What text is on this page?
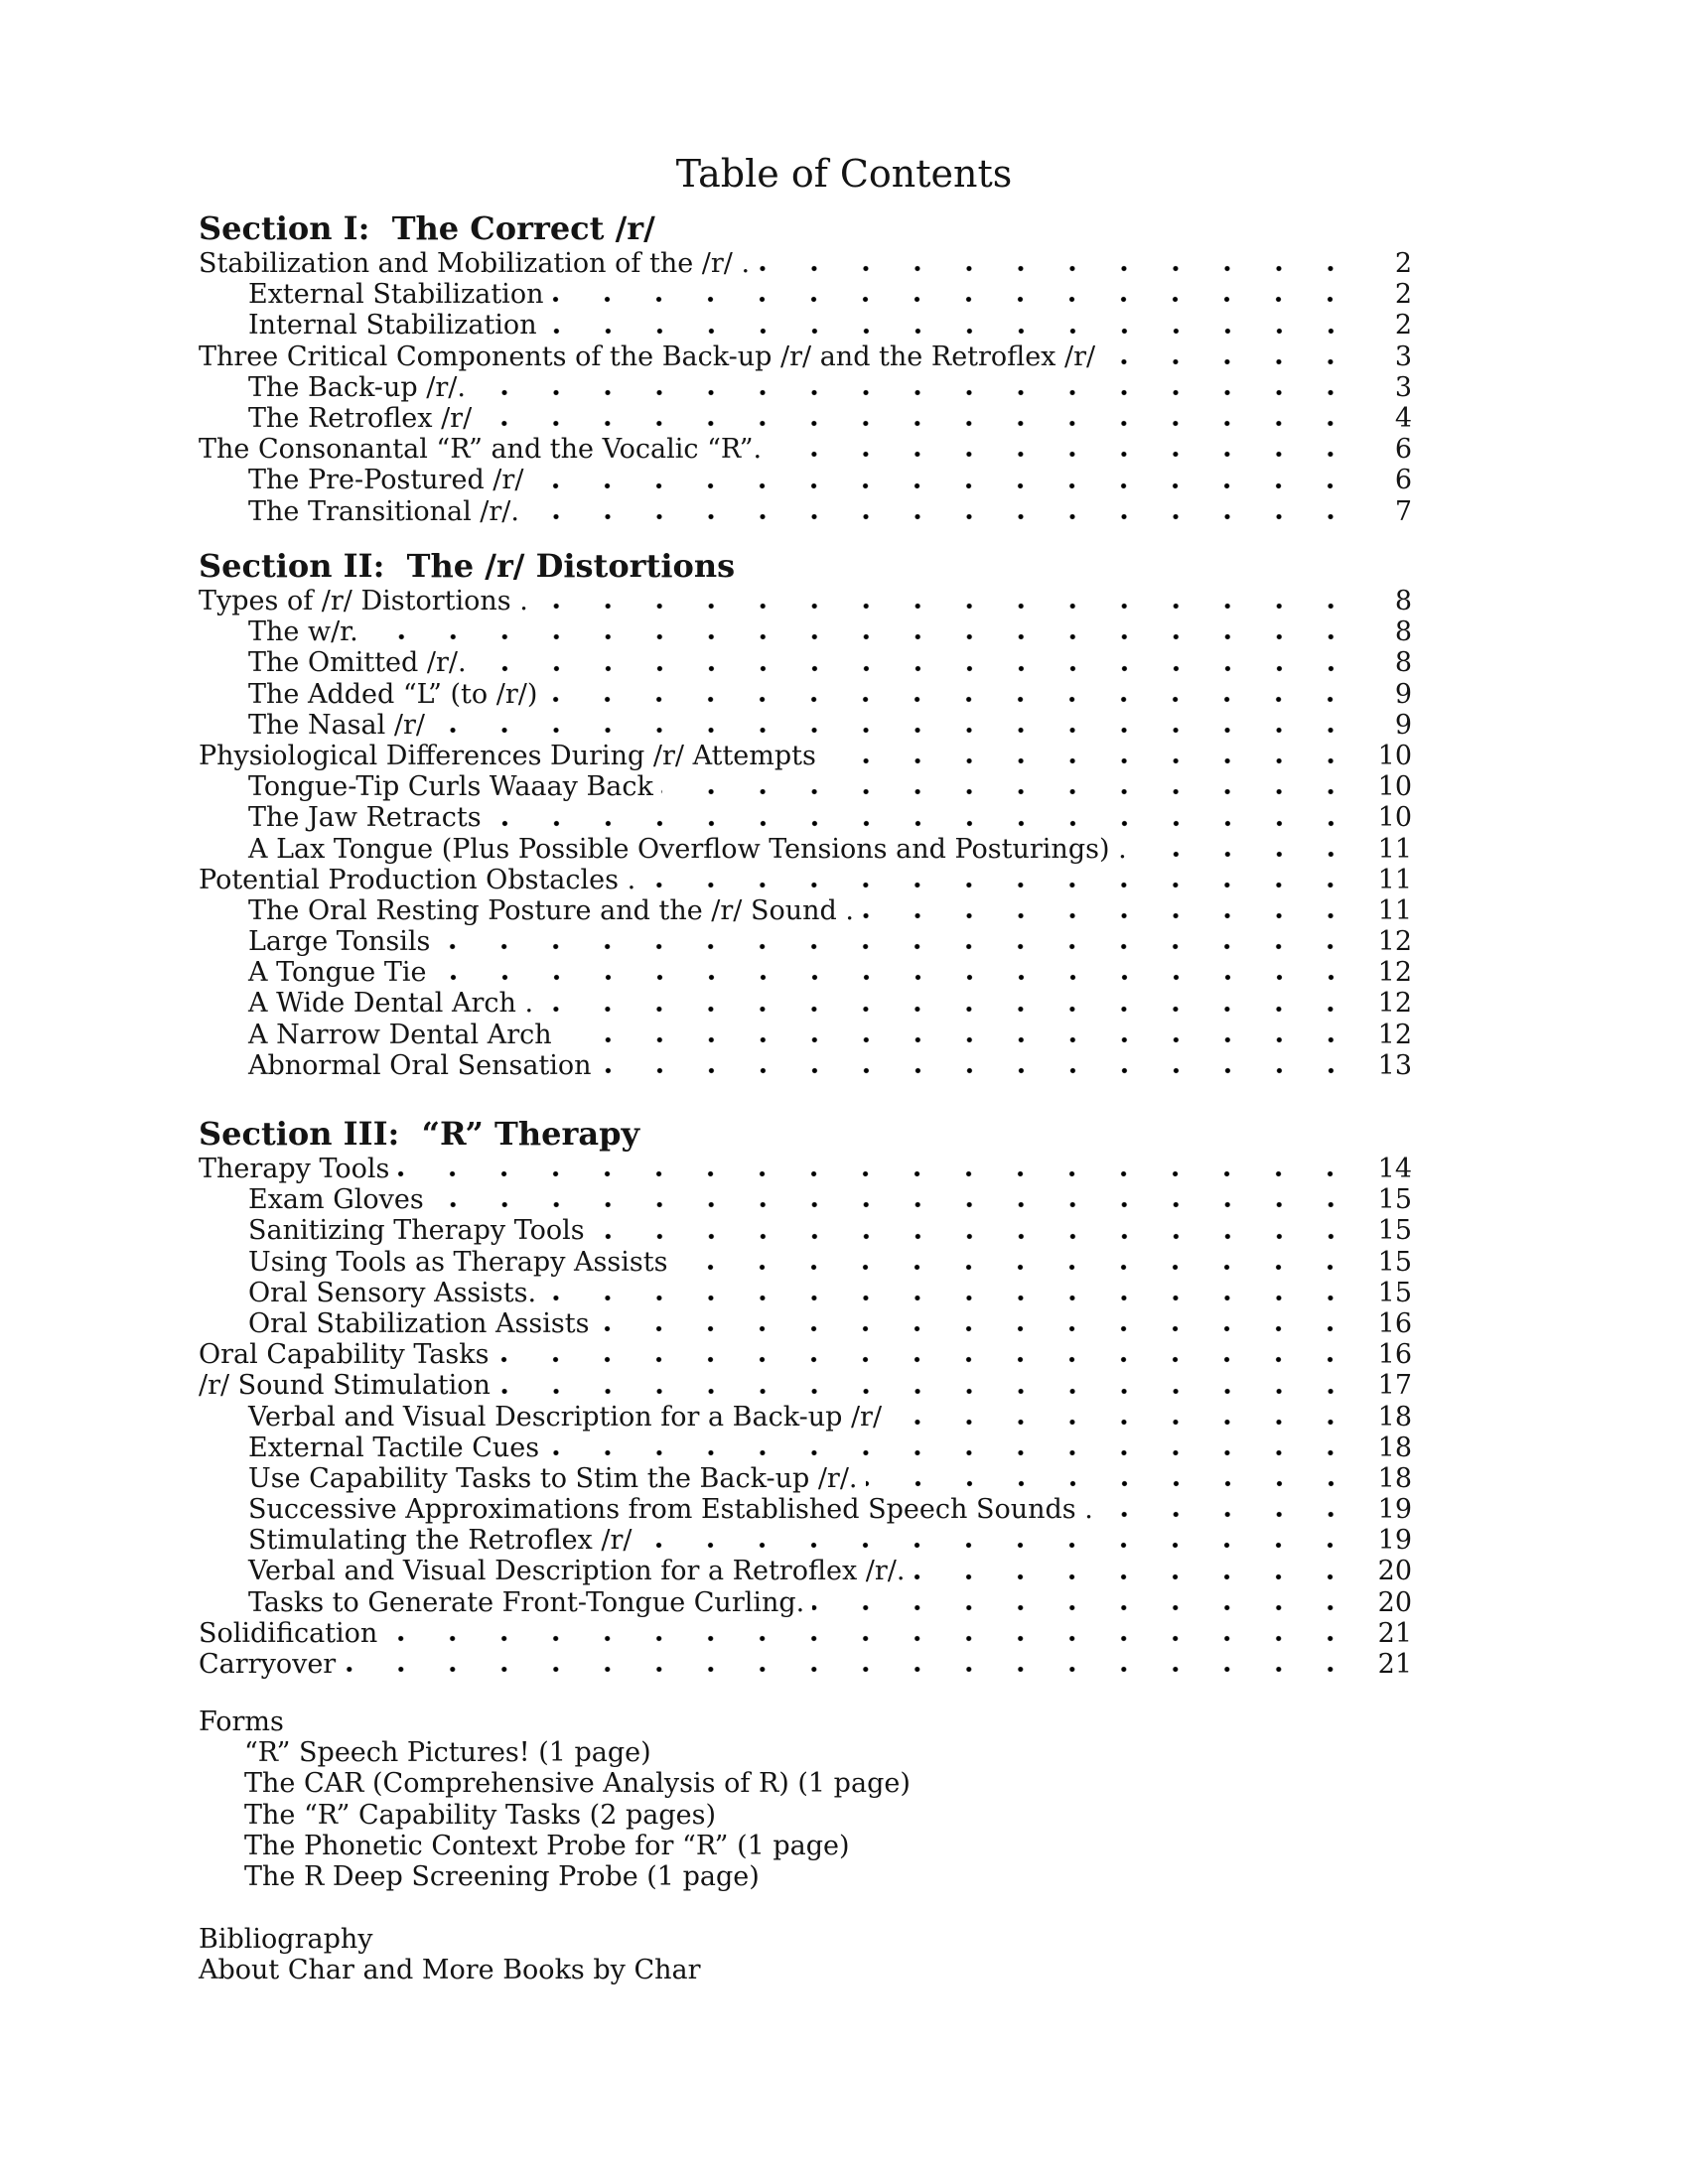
Table of Contents
Section I:  The Correct /r/
Stabilization and Mobilization of the /r/ .	2
External Stabilization	2
Internal Stabilization	2
Three Critical Components of the Back-up /r/ and the Retroflex /r/	3
The Back-up /r/.	3
The Retroflex /r/	4
The Consonantal “R” and the Vocalic “R”.	6
The Pre-Postured /r/	6
The Transitional /r/.	7
Section II:  The /r/ Distortions
Types of /r/ Distortions .	8
The w/r.	8
The Omitted /r/.	8
The Added “L” (to /r/)	9
The Nasal /r/	9
Physiological Differences During /r/ Attempts	10
Tongue-Tip Curls Waaay Back	10
The Jaw Retracts	10
A Lax Tongue (Plus Possible Overflow Tensions and Posturings) .	11
Potential Production Obstacles .	11
The Oral Resting Posture and the /r/ Sound .	11
Large Tonsils	12
A Tongue Tie	12
A Wide Dental Arch .	12
A Narrow Dental Arch	12
Abnormal Oral Sensation	13
Section III:  “R” Therapy
Therapy Tools	14
Exam Gloves	15
Sanitizing Therapy Tools	15
Using Tools as Therapy Assists	15
Oral Sensory Assists.	15
Oral Stabilization Assists	16
Oral Capability Tasks	16
/r/ Sound Stimulation	17
Verbal and Visual Description for a Back-up /r/	18
External Tactile Cues	18
Use Capability Tasks to Stim the Back-up /r/.	18
Successive Approximations from Established Speech Sounds .	19
Stimulating the Retroflex /r/	19
Verbal and Visual Description for a Retroflex /r/.	20
Tasks to Generate Front-Tongue Curling.	20
Solidification	21
Carryover	21
Forms
“R” Speech Pictures! (1 page)
The CAR (Comprehensive Analysis of R) (1 page)
The “R” Capability Tasks (2 pages)
The Phonetic Context Probe for “R” (1 page)
The R Deep Screening Probe (1 page)
Bibliography
About Char and More Books by Char
